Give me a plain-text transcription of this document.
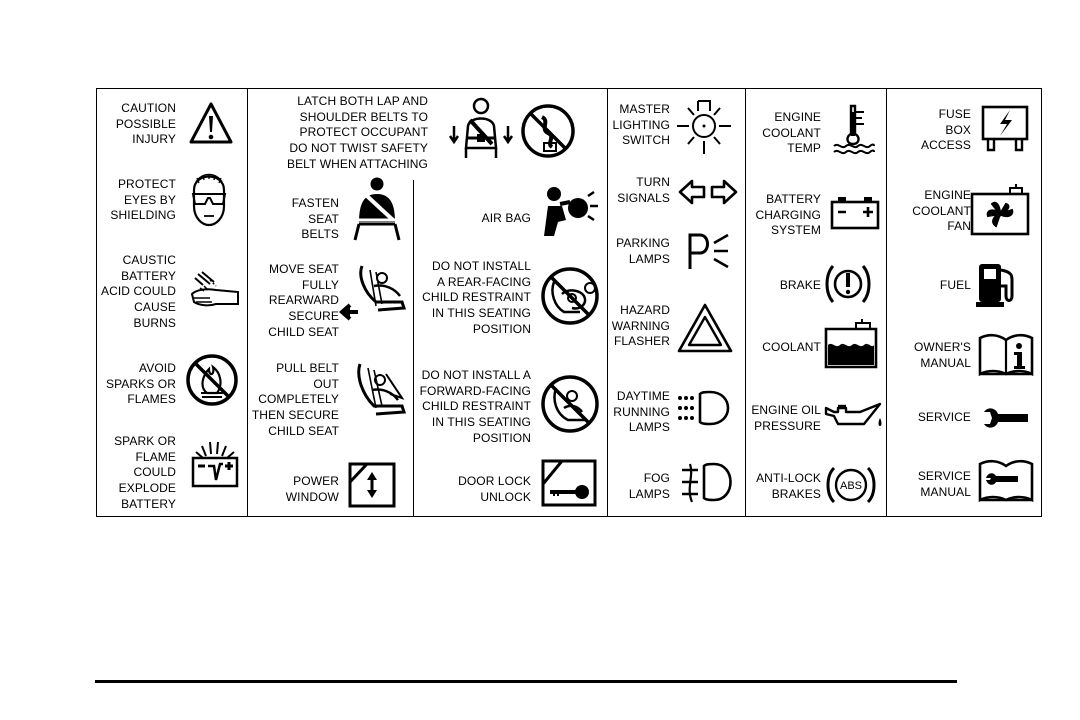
CAUTION
POSSIBLE
INJURY
PROTECT
EYES BY
SHIELDING
CAUSTIC
BATTERY
ACID COULD
CAUSE
BURNS
AVOID
SPARKS OR
FLAMES
SPARK OR
FLAME
COULD
EXPLODE
BATTERY
LATCH BOTH LAP AND
SHOULDER BELTS TO
PROTECT OCCUPANT
DO NOT TWIST SAFETY
BELT WHEN ATTACHING
FASTEN
SEAT
BELTS
MOVE SEAT
FULLY
REARWARD
SECURE
CHILD SEAT
PULL BELT
OUT
COMPLETELY
THEN SECURE
CHILD SEAT
POWER
WINDOW
AIR BAG
DO NOT INSTALL
A REAR-FACING
CHILD RESTRAINT
IN THIS SEATING
POSITION
DO NOT INSTALL A
FORWARD-FACING
CHILD RESTRAINT
IN THIS SEATING
POSITION
DOOR LOCK
UNLOCK
MASTER
LIGHTING
SWITCH
TURN
SIGNALS
PARKING
LAMPS
HAZARD
WARNING
FLASHER
DAYTIME
RUNNING
LAMPS
FOG
LAMPS
ENGINE
COOLANT
TEMP
BATTERY
CHARGING
SYSTEM
BRAKE
COOLANT
ENGINE OIL
PRESSURE
ANTI-LOCK
BRAKES
ABS
FUSE
BOX
ACCESS
ENGINE
COOLANT
FAN
FUEL
OWNER'S
MANUAL
SERVICE
SERVICE
MANUAL
